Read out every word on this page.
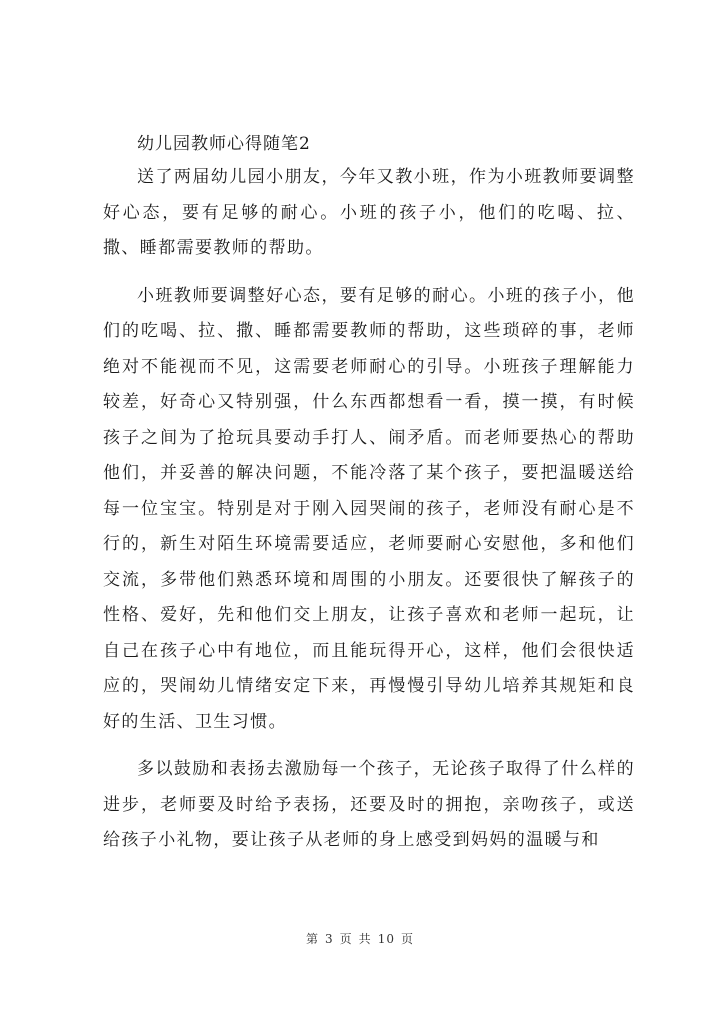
幼儿园教师心得随笔2

送了两届幼儿园小朋友，今年又教小班，作为小班教师要调整好心态，要有足够的耐心。小班的孩子小，他们的吃喝、拉、撒、睡都需要教师的帮助。

小班教师要调整好心态，要有足够的耐心。小班的孩子小，他们的吃喝、拉、撒、睡都需要教师的帮助，这些琐碎的事，老师绝对不能视而不见，这需要老师耐心的引导。小班孩子理解能力较差，好奇心又特别强，什么东西都想看一看，摸一摸，有时候孩子之间为了抢玩具要动手打人、闹矛盾。而老师要热心的帮助他们，并妥善的解决问题，不能冷落了某个孩子，要把温暖送给每一位宝宝。特别是对于刚入园哭闹的孩子，老师没有耐心是不行的，新生对陌生环境需要适应，老师要耐心安慰他，多和他们交流，多带他们熟悉环境和周围的小朋友。还要很快了解孩子的性格、爱好，先和他们交上朋友，让孩子喜欢和老师一起玩，让自己在孩子心中有地位，而且能玩得开心，这样，他们会很快适应的，哭闹幼儿情绪安定下来，再慢慢引导幼儿培养其规矩和良好的生活、卫生习惯。

多以鼓励和表扬去激励每一个孩子，无论孩子取得了什么样的进步，老师要及时给予表扬，还要及时的拥抱，亲吻孩子，或送给孩子小礼物，要让孩子从老师的身上感受到妈妈的温暖与和

第 3 页 共 10 页
